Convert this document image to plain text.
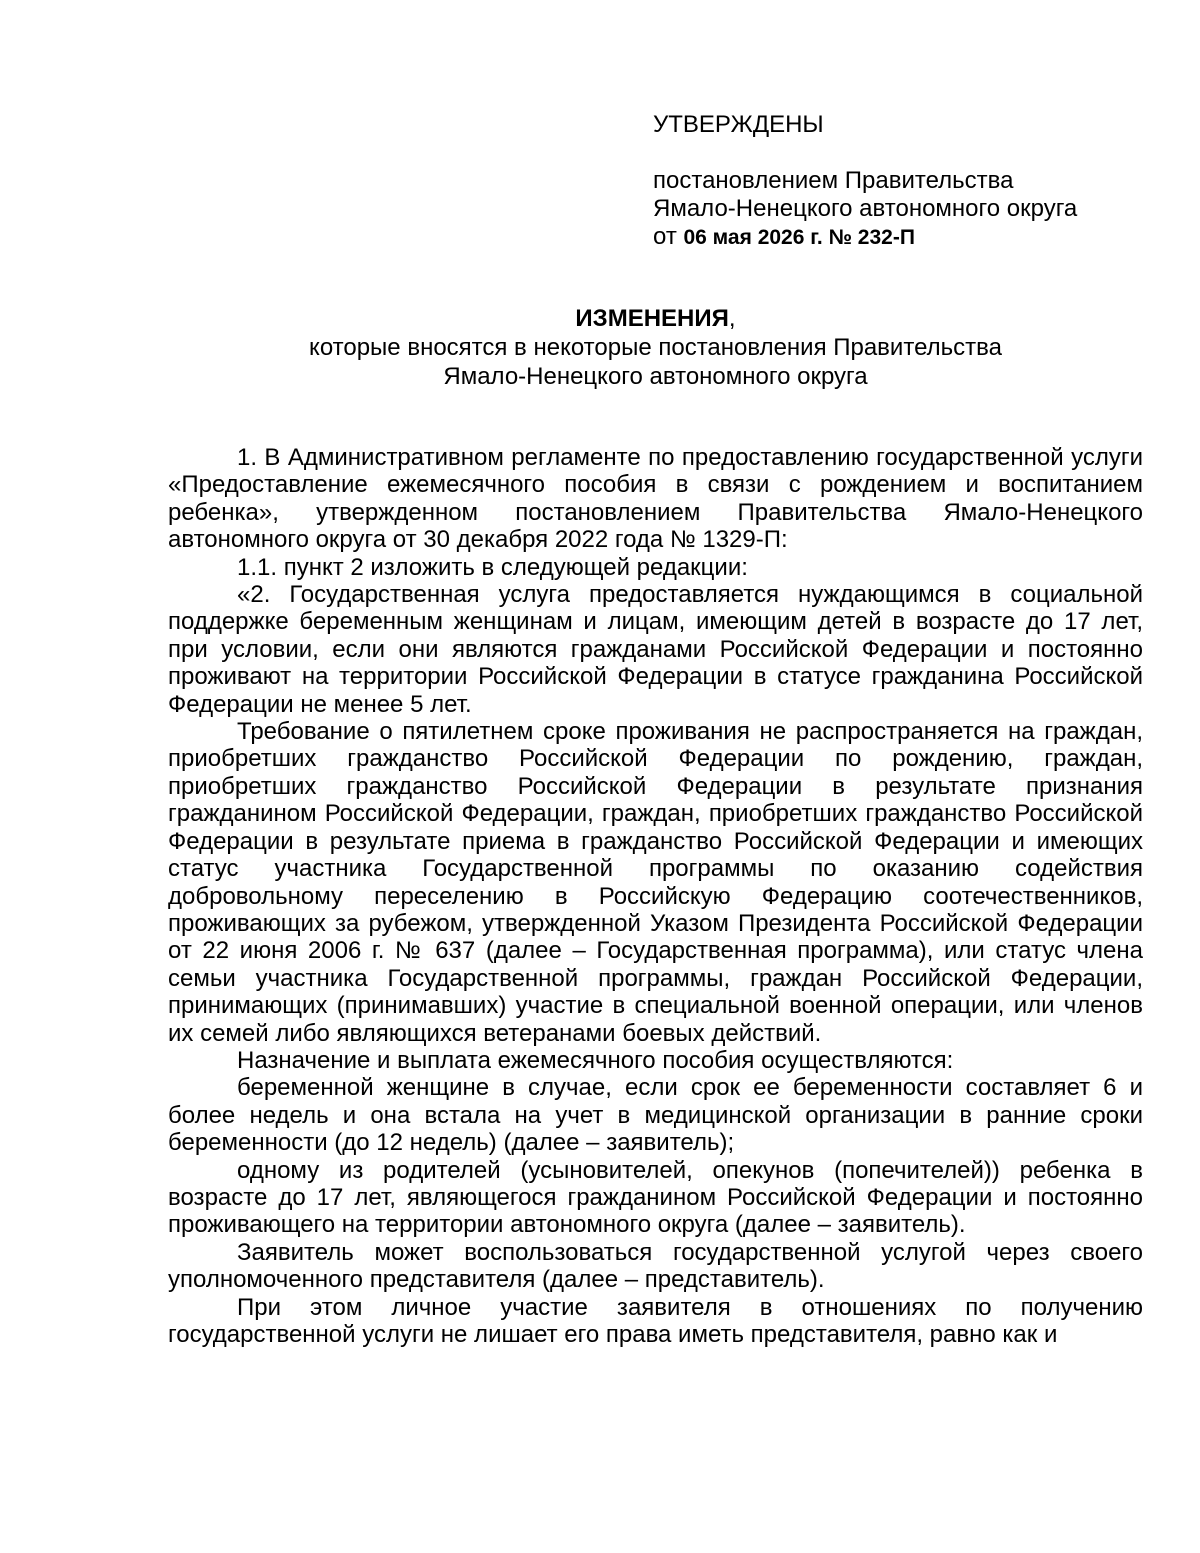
УТВЕРЖДЕНЫ
постановлением Правительства
Ямало-Ненецкого автономного округа
от 06 мая 2026 г. № 232-П
ИЗМЕНЕНИЯ,
которые вносятся в некоторые постановления Правительства
Ямало-Ненецкого автономного округа

1. В Административном регламенте по предоставлению государственной услуги «Предоставление ежемесячного пособия в связи с рождением и воспитанием ребенка», утвержденном постановлением Правительства Ямало-Ненецкого автономного округа от 30 декабря 2022 года № 1329-П:

1.1. пункт 2 изложить в следующей редакции:

«2. Государственная услуга предоставляется нуждающимся в социальной поддержке беременным женщинам и лицам, имеющим детей в возрасте до 17 лет, при условии, если они являются гражданами Российской Федерации и постоянно проживают на территории Российской Федерации в статусе гражданина Российской Федерации не менее 5 лет.

Требование о пятилетнем сроке проживания не распространяется на граждан, приобретших гражданство Российской Федерации по рождению, граждан, приобретших гражданство Российской Федерации в результате признания гражданином Российской Федерации, граждан, приобретших гражданство Российской Федерации в результате приема в гражданство Российской Федерации и имеющих статус участника Государственной программы по оказанию содействия добровольному переселению в Российскую Федерацию соотечественников, проживающих за рубежом, утвержденной Указом Президента Российской Федерации от 22 июня 2006 г. № 637 (далее – Государственная программа), или статус члена семьи участника Государственной программы, граждан Российской Федерации, принимающих (принимавших) участие в специальной военной операции, или членов их семей либо являющихся ветеранами боевых действий.

Назначение и выплата ежемесячного пособия осуществляются:

беременной женщине в случае, если срок ее беременности составляет 6 и более недель и она встала на учет в медицинской организации в ранние сроки беременности (до 12 недель) (далее – заявитель);

одному из родителей (усыновителей, опекунов (попечителей)) ребенка в возрасте до 17 лет, являющегося гражданином Российской Федерации и постоянно проживающего на территории автономного округа (далее – заявитель).

Заявитель может воспользоваться государственной услугой через своего уполномоченного представителя (далее – представитель).

При этом личное участие заявителя в отношениях по получению государственной услуги не лишает его права иметь представителя, равно как и
